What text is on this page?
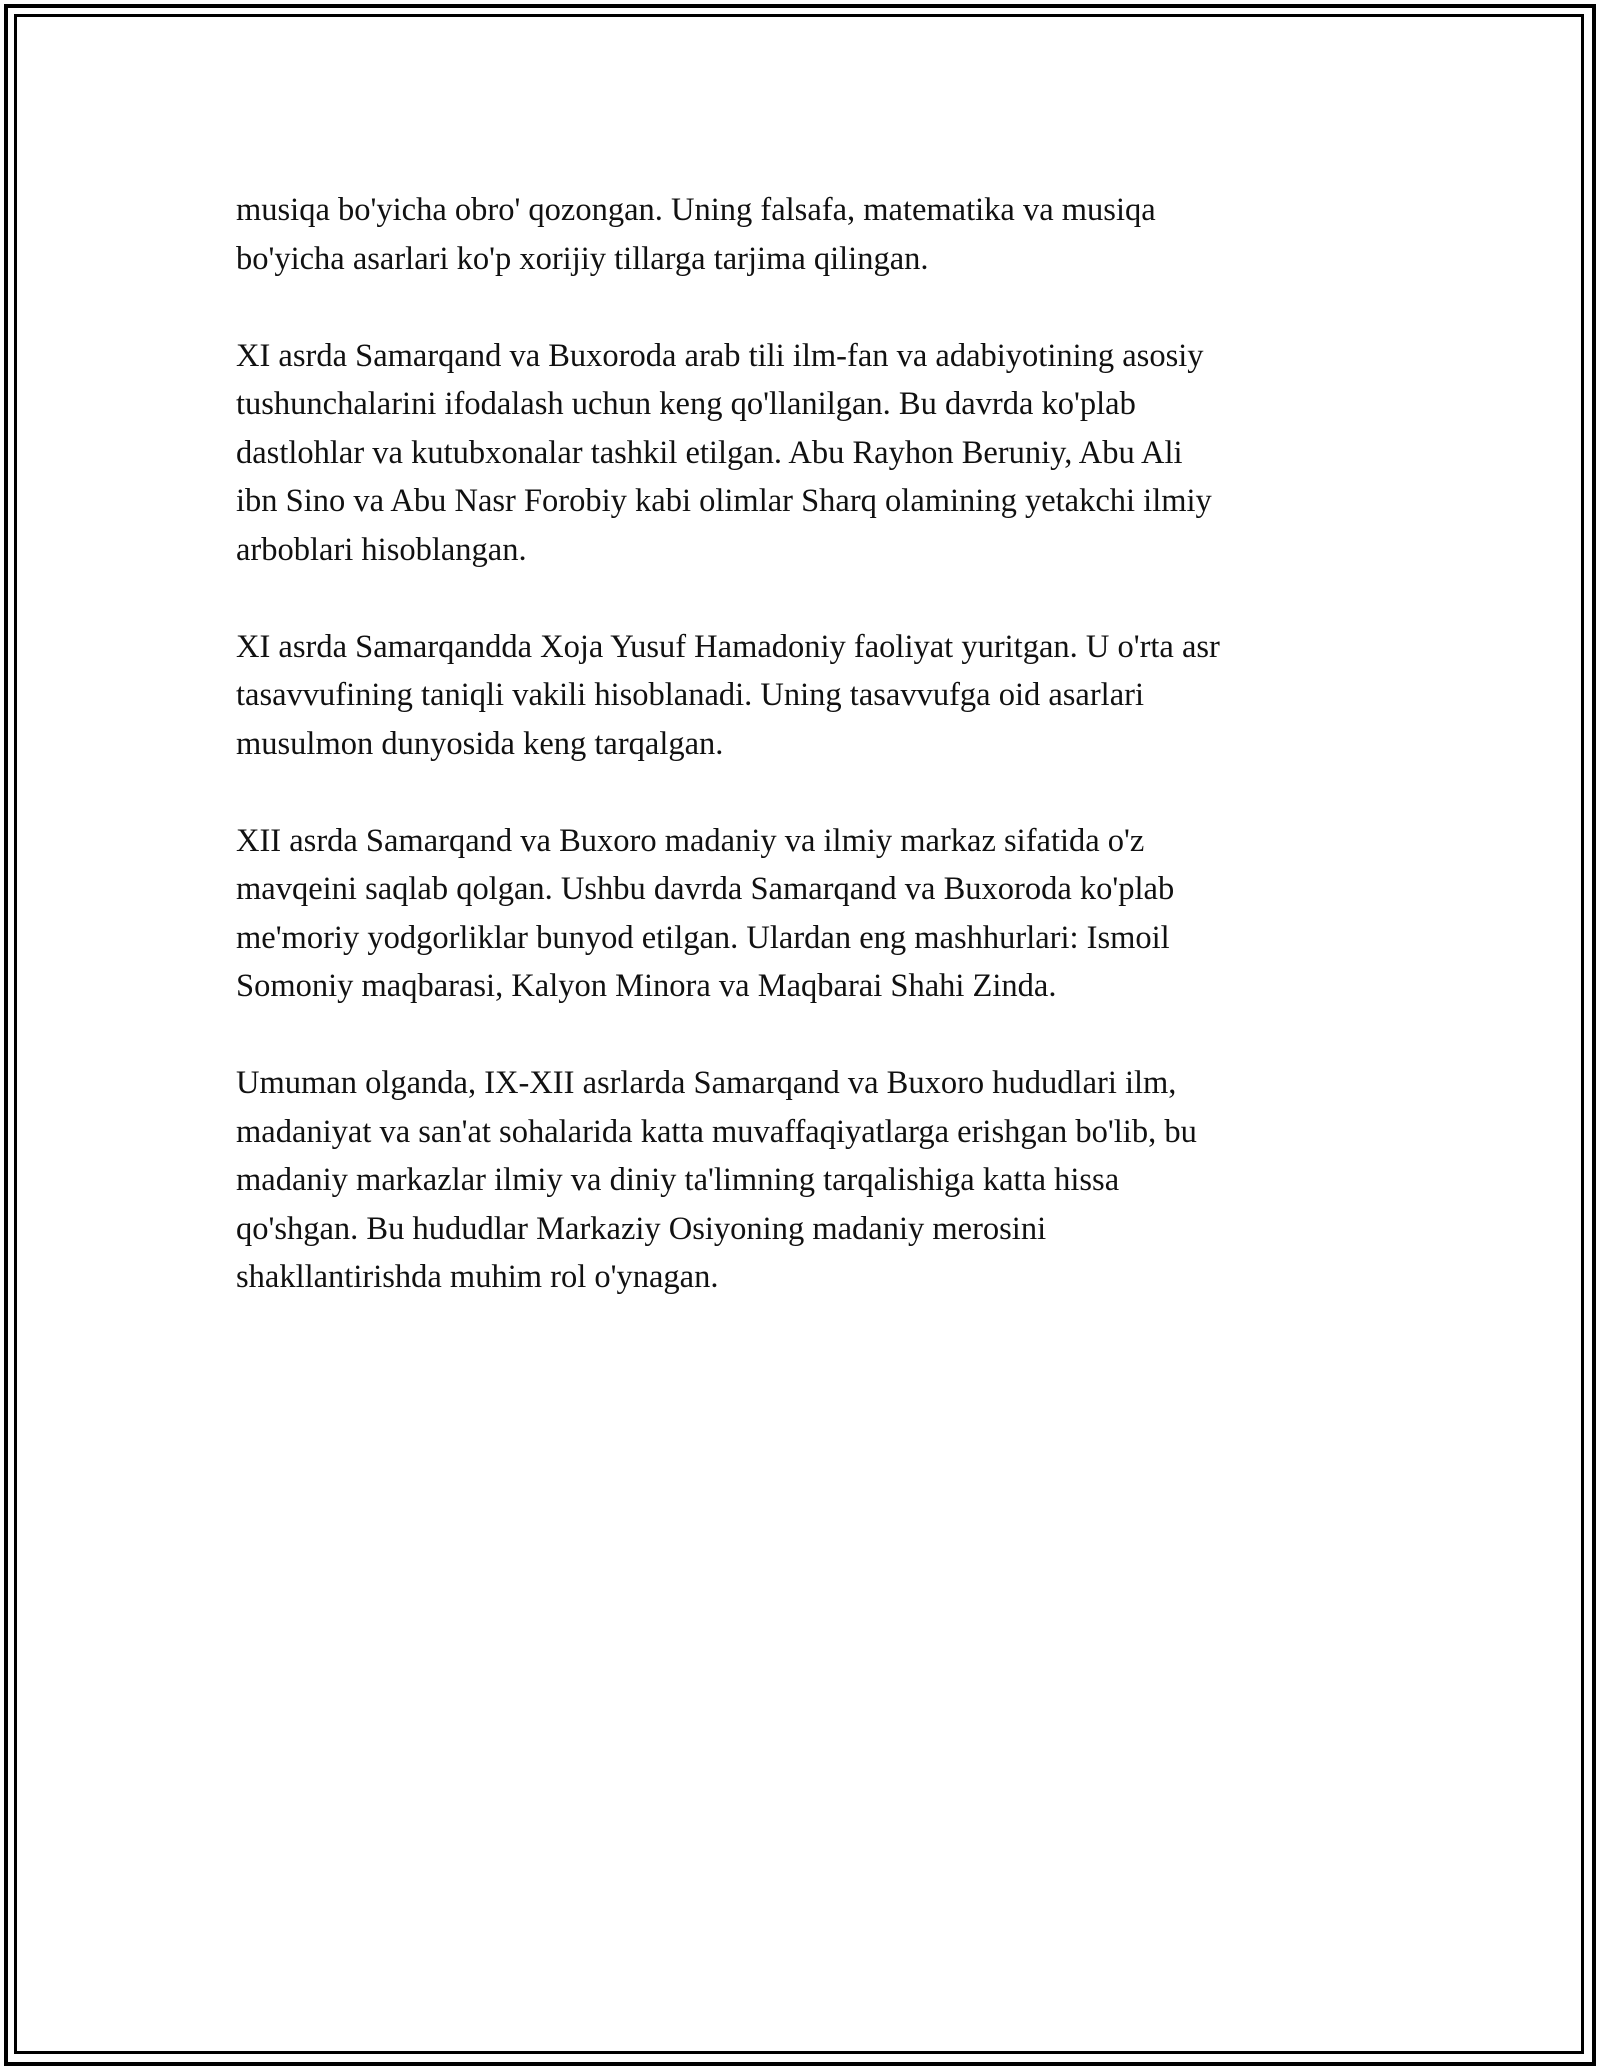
musiqa bo'yicha obro' qozongan. Uning falsafa, matematika va musiqa
bo'yicha asarlari ko'p xorijiy tillarga tarjima qilingan.

XI asrda Samarqand va Buxoroda arab tili ilm-fan va adabiyotining asosiy
tushunchalarini ifodalash uchun keng qo'llanilgan. Bu davrda ko'plab
dastlohlar va kutubxonalar tashkil etilgan. Abu Rayhon Beruniy, Abu Ali
ibn Sino va Abu Nasr Forobiy kabi olimlar Sharq olamining yetakchi ilmiy
arboblari hisoblangan.

XI asrda Samarqandda Xoja Yusuf Hamadoniy faoliyat yuritgan. U o'rta asr
tasavvufining taniqli vakili hisoblanadi. Uning tasavvufga oid asarlari
musulmon dunyosida keng tarqalgan.

XII asrda Samarqand va Buxoro madaniy va ilmiy markaz sifatida o'z
mavqeini saqlab qolgan. Ushbu davrda Samarqand va Buxoroda ko'plab
me'moriy yodgorliklar bunyod etilgan. Ulardan eng mashhurlari: Ismoil
Somoniy maqbarasi, Kalyon Minora va Maqbarai Shahi Zinda.

Umuman olganda, IX-XII asrlarda Samarqand va Buxoro hududlari ilm,
madaniyat va san'at sohalarida katta muvaffaqiyatlarga erishgan bo'lib, bu
madaniy markazlar ilmiy va diniy ta'limning tarqalishiga katta hissa
qo'shgan. Bu hududlar Markaziy Osiyoning madaniy merosini
shakllantirishda muhim rol o'ynagan.
